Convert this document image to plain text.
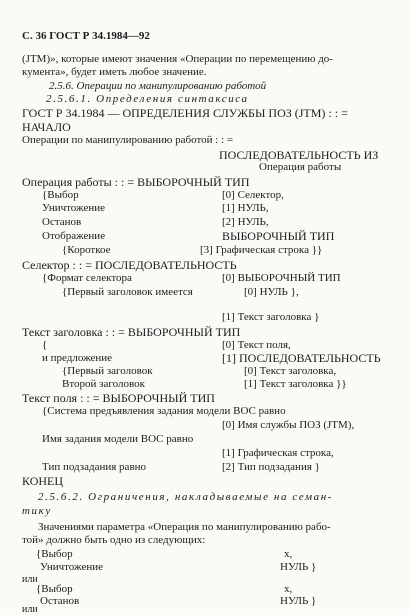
С. 36 ГОСТ Р 34.1984—92
(JTM)», которые имеют значения «Операции по перемещению до-
кумента», будет иметь любое значение.
2.5.6. Операции по манипулированию работой
2.5.6.1. Определения синтаксиса
ГОСТ Р 34.1984 — ОПРЕДЕЛЕНИЯ СЛУЖБЫ ПОЗ (JTM) : : =
НАЧАЛО
Операции по манипулированию работой : : =
ПОСЛЕДОВАТЕЛЬНОСТЬ ИЗ
Операция работы
Операция работы : : = ВЫБОРОЧНЫЙ ТИП
{Выбор	[0] Селектор,
Уничтожение	[1] НУЛЬ,
Останов	[2] НУЛЬ,
Отображение	ВЫБОРОЧНЫЙ ТИП
{Короткое	[3] Графическая строка }}
Селектор : : = ПОСЛЕДОВАТЕЛЬНОСТЬ
{Формат селектора	[0] ВЫБОРОЧНЫЙ ТИП
{Первый заголовок имеется	[0] НУЛЬ },
[1] Текст заголовка }
Текст заголовка : : = ВЫБОРОЧНЫЙ ТИП
{	[0] Текст поля,
и предложение	[1] ПОСЛЕДОВАТЕЛЬНОСТЬ
{Первый заголовок	[0] Текст заголовка,
Второй заголовок	[1] Текст заголовка }}
Текст поля : : = ВЫБОРОЧНЫЙ ТИП
{Система предъявления задания модели ВОС равно
[0] Имя службы ПОЗ (JTM),
Имя задания модели ВОС равно
[1] Графическая строка,
Тип подзадания равно	[2] Тип подзадания }
КОНЕЦ
2.5.6.2. Ограничения, накладываемые на семан-
тику
Значениями параметра «Операция по манипулированию рабо-
той» должно быть одно из следующих:
{Выбор	x,
Уничтожение	НУЛЬ }
или
{Выбор	x,
Останов	НУЛЬ }
или
